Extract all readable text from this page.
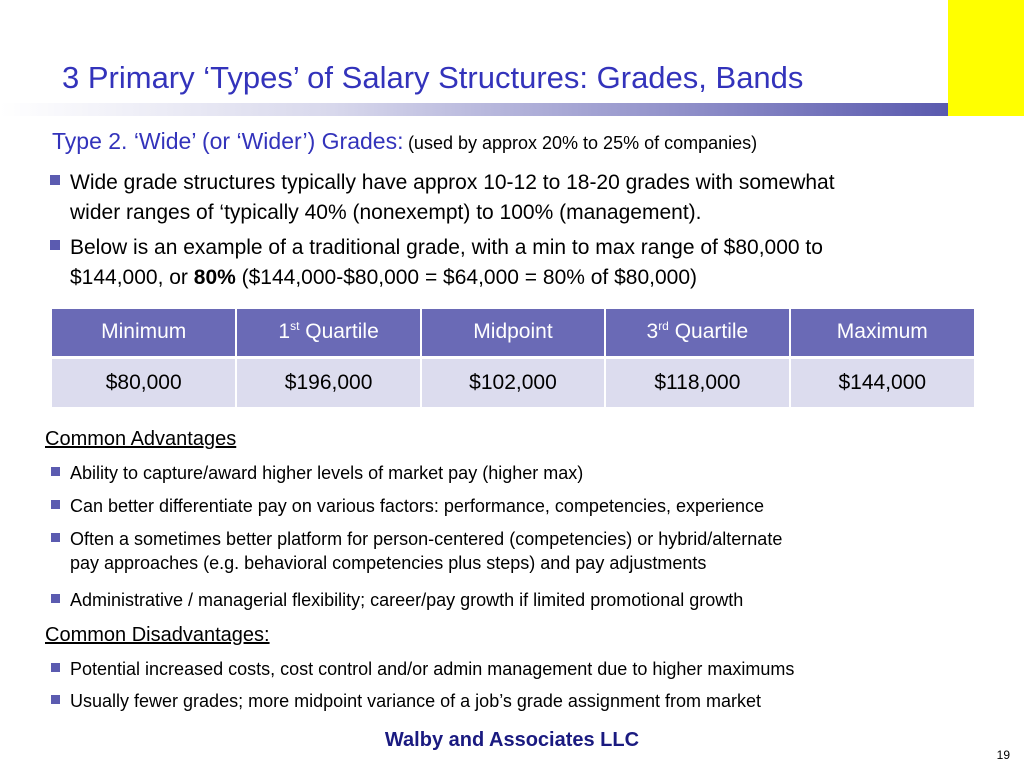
3 Primary ‘Types’ of Salary Structures: Grades, Bands
Type 2. ‘Wide’ (or ‘Wider’) Grades: (used by approx 20% to 25% of companies)
Wide grade structures typically have approx 10-12 to 18-20 grades with somewhat
wider ranges of ‘typically 40% (nonexempt) to 100% (management).
Below is an example of a traditional grade, with a min to max range of $80,000 to
$144,000, or 80% ($144,000-$80,000 = $64,000 = 80% of $80,000)
Minimum	1st Quartile	Midpoint	3rd Quartile	Maximum
$80,000	$196,000	$102,000	$118,000	$144,000
Common Advantages
Ability to capture/award higher levels of market pay (higher max)
Can better differentiate pay on various factors: performance, competencies, experience
Often a sometimes better platform for person-centered (competencies) or hybrid/alternate
pay approaches (e.g. behavioral competencies plus steps) and pay adjustments
Administrative / managerial flexibility; career/pay growth if limited promotional growth
Common Disadvantages:
Potential increased costs, cost control and/or admin management due to higher maximums
Usually fewer grades; more midpoint variance of a job’s grade assignment from market
Walby and Associates LLC
19
